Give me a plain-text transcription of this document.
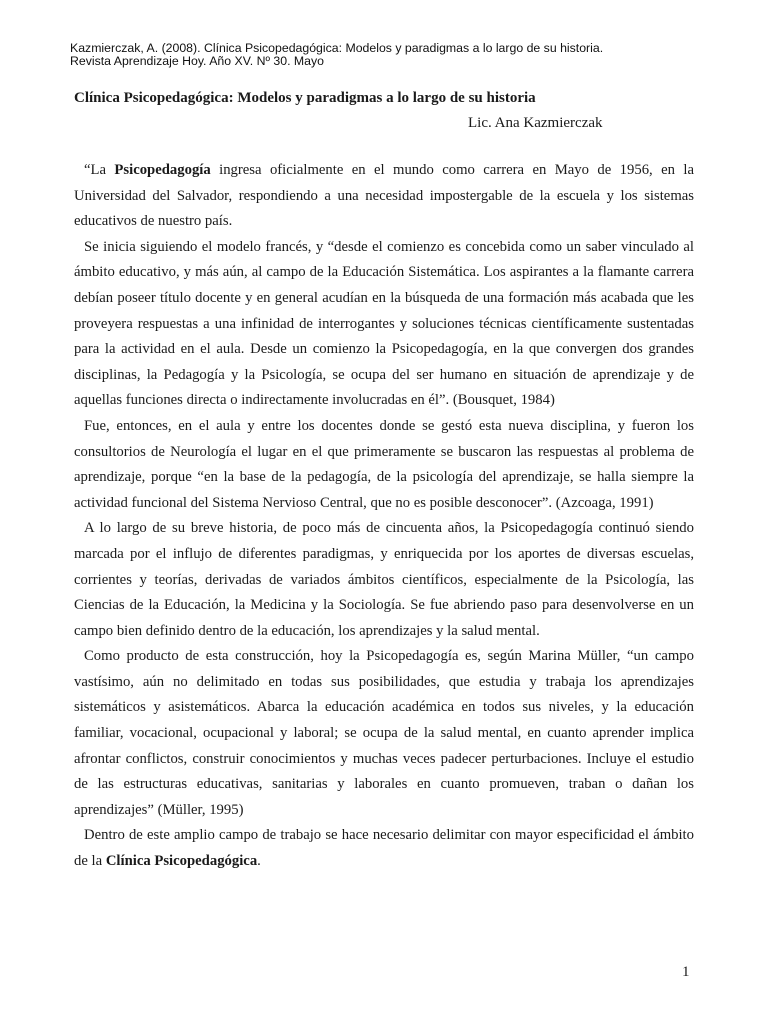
Kazmierczak, A. (2008). Clínica Psicopedagógica: Modelos y paradigmas a lo largo de su historia.
Revista Aprendizaje Hoy. Año XV. Nº 30. Mayo
Clínica Psicopedagógica: Modelos y paradigmas a lo largo de su historia
Lic. Ana Kazmierczak

“La Psicopedagogía ingresa oficialmente en el mundo como carrera en Mayo de 1956, en la Universidad del Salvador, respondiendo a una necesidad impostergable de la escuela y los sistemas educativos de nuestro país.

Se inicia siguiendo el modelo francés, y “desde el comienzo es concebida como un saber vinculado al ámbito educativo, y más aún, al campo de la Educación Sistemática. Los aspirantes a la flamante carrera debían poseer título docente y en general acudían en la búsqueda de una formación más acabada que les proveyera respuestas a una infinidad de interrogantes y soluciones técnicas científicamente sustentadas para la actividad en el aula. Desde un comienzo la Psicopedagogía, en la que convergen dos grandes disciplinas, la Pedagogía y la Psicología, se ocupa del ser humano en situación de aprendizaje y de aquellas funciones directa o indirectamente involucradas en él”. (Bousquet, 1984)

Fue, entonces, en el aula y entre los docentes donde se gestó esta nueva disciplina, y fueron los consultorios de Neurología el lugar en el que primeramente se buscaron las respuestas al problema de aprendizaje, porque “en la base de la pedagogía, de la psicología del aprendizaje, se halla siempre la actividad funcional del Sistema Nervioso Central, que no es posible desconocer”. (Azcoaga, 1991)

A lo largo de su breve historia, de poco más de cincuenta años, la Psicopedagogía continuó siendo marcada por el influjo de diferentes paradigmas, y enriquecida por los aportes de diversas escuelas, corrientes y teorías, derivadas de variados ámbitos científicos, especialmente de la Psicología, las Ciencias de la Educación, la Medicina y la Sociología. Se fue abriendo paso para desenvolverse en un campo bien definido dentro de la educación, los aprendizajes y la salud mental.

Como producto de esta construcción, hoy la Psicopedagogía es, según Marina Müller, “un campo vastísimo, aún no delimitado en todas sus posibilidades, que estudia y trabaja los aprendizajes sistemáticos y asistemáticos. Abarca la educación académica en todos sus niveles, y la educación familiar, vocacional, ocupacional y laboral; se ocupa de la salud mental, en cuanto aprender implica afrontar conflictos, construir conocimientos y muchas veces padecer perturbaciones. Incluye el estudio de las estructuras educativas, sanitarias y laborales en cuanto promueven, traban o dañan los aprendizajes” (Müller, 1995)

Dentro de este amplio campo de trabajo se hace necesario delimitar con mayor especificidad el ámbito de la Clínica Psicopedagógica.

1
